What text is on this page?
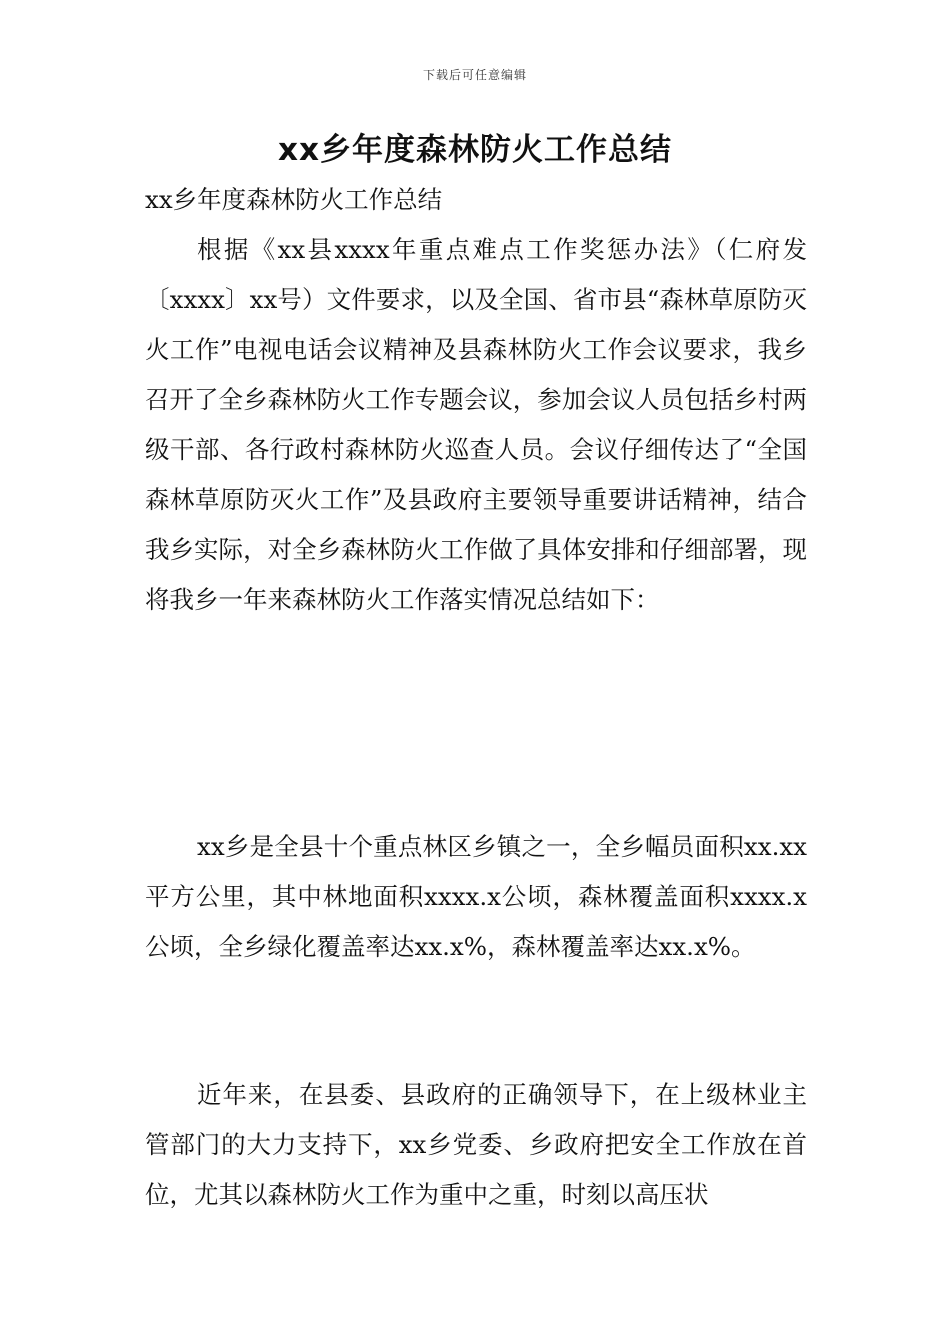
下载后可任意编辑
xx乡年度森林防火工作总结

xx乡年度森林防火工作总结

根据《xx县xxxx年重点难点工作奖惩办法》（仁府发〔xxxx〕xx号）文件要求，以及全国、省市县“森林草原防灭火工作”电视电话会议精神及县森林防火工作会议要求，我乡召开了全乡森林防火工作专题会议，参加会议人员包括乡村两级干部、各行政村森林防火巡查人员。会议仔细传达了“全国森林草原防灭火工作”及县政府主要领导重要讲话精神，结合我乡实际，对全乡森林防火工作做了具体安排和仔细部署，现将我乡一年来森林防火工作落实情况总结如下：

xx乡是全县十个重点林区乡镇之一，全乡幅员面积xx.xx平方公里，其中林地面积xxxx.x公顷，森林覆盖面积xxxx.x公顷，全乡绿化覆盖率达xx.x%，森林覆盖率达xx.x%。

近年来，在县委、县政府的正确领导下，在上级林业主管部门的大力支持下，xx乡党委、乡政府把安全工作放在首位，尤其以森林防火工作为重中之重，时刻以高压状
